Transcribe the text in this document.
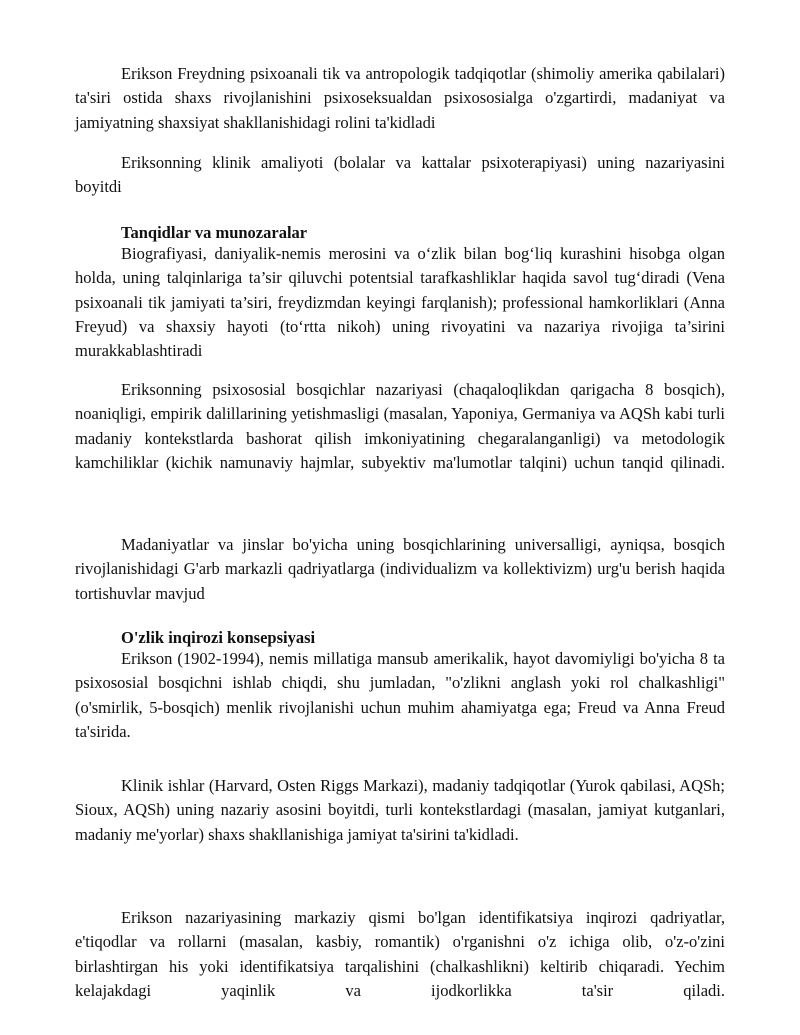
Erikson Freydning psixoanali tik va antropologik tadqiqotlar (shimoliy amerika qabilalari) ta'siri ostida shaxs rivojlanishini psixoseksualdan psixososialga o'zgartirdi, madaniyat va jamiyatning shaxsiyat shakllanishidagi rolini ta'kidladi

Eriksonning klinik amaliyoti (bolalar va kattalar psixoterapiyasi) uning nazariyasini boyitdi

Tanqidlar va munozaralar

Biografiyasi, daniyalik-nemis merosini va o‘zlik bilan bog‘liq kurashini hisobga olgan holda, uning talqinlariga ta’sir qiluvchi potentsial tarafkashliklar haqida savol tug‘diradi (Vena psixoanali tik jamiyati ta’siri, freydizmdan keyingi farqlanish); professional hamkorliklari (Anna Freyud) va shaxsiy hayoti (to‘rtta nikoh) uning rivoyatini va nazariya rivojiga ta’sirini murakkablashtiradi

Eriksonning psixososial bosqichlar nazariyasi (chaqaloqlikdan qarigacha 8 bosqich), noaniqligi, empirik dalillarining yetishmasligi (masalan, Yaponiya, Germaniya va AQSh kabi turli madaniy kontekstlarda bashorat qilish imkoniyatining chegaralanganligi) va metodologik kamchiliklar (kichik namunaviy hajmlar, subyektiv ma'lumotlar talqini) uchun tanqid qilinadi.

Madaniyatlar va jinslar bo'yicha uning bosqichlarining universalligi, ayniqsa, bosqich rivojlanishidagi G'arb markazli qadriyatlarga (individualizm va kollektivizm) urg'u berish haqida tortishuvlar mavjud

O'zlik inqirozi konsepsiyasi

Erikson (1902-1994), nemis millatiga mansub amerikalik, hayot davomiyligi bo'yicha 8 ta psixososial bosqichni ishlab chiqdi, shu jumladan, "o'zlikni anglash yoki rol chalkashligi" (o'smirlik, 5-bosqich) menlik rivojlanishi uchun muhim ahamiyatga ega; Freud va Anna Freud ta'sirida.

Klinik ishlar (Harvard, Osten Riggs Markazi), madaniy tadqiqotlar (Yurok qabilasi, AQSh; Sioux, AQSh) uning nazariy asosini boyitdi, turli kontekstlardagi (masalan, jamiyat kutganlari, madaniy me'yorlar) shaxs shakllanishiga jamiyat ta'sirini ta'kidladi.

Erikson nazariyasining markaziy qismi bo'lgan identifikatsiya inqirozi qadriyatlar, e'tiqodlar va rollarni (masalan, kasbiy, romantik) o'rganishni o'z ichiga olib, o'z-o'zini birlashtirgan his yoki identifikatsiya tarqalishini (chalkashlikni) keltirib chiqaradi. Yechim kelajakdagi yaqinlik va ijodkorlikka ta'sir qiladi.
